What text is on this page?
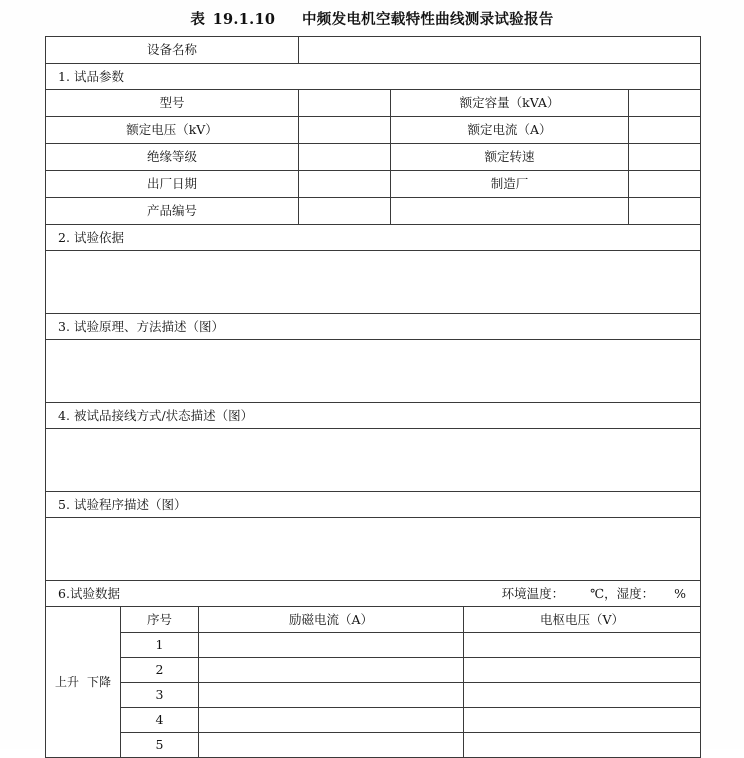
表 19.1.10 中频发电机空载特性曲线测录试验报告
设备名称						
1. 试品参数						
型号				额定容量（kVA）		
额定电压（kV）				额定电流（A）		
绝缘等级				额定转速		
出厂日期				制造厂		
产品编号						
2. 试验依据						

3. 试验原理、方法描述（图）						

4. 被试品接线方式/状态描述（图）						

5. 试验程序描述（图）						

6.试验数据 环境温度： ℃，湿度： %						

上升 下降	序号	励磁电流（A）			电枢电压（V）	
	1					
	2					
	3					
	4					
	5					
